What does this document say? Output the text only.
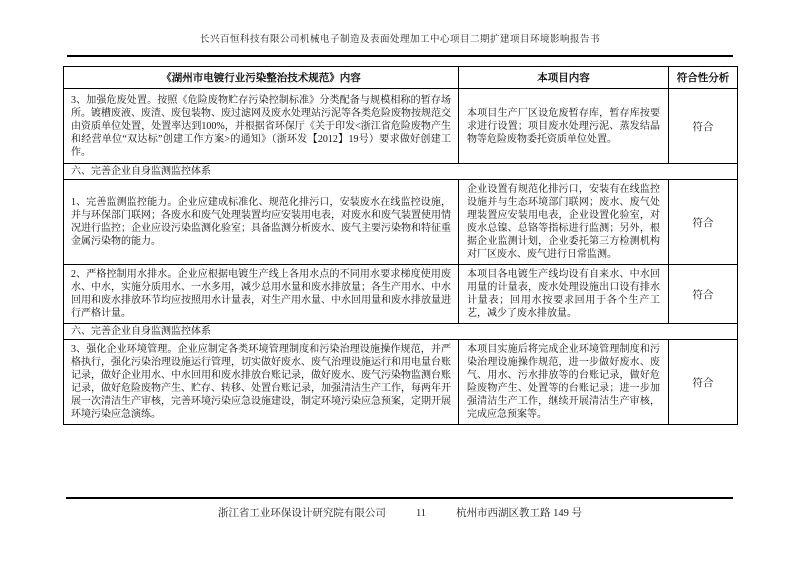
长兴百恒科技有限公司机械电子制造及表面处理加工中心项目二期扩建项目环境影响报告书
《湖州市电镀行业污染整治技术规范》内容	本项目内容	符合性分析
3、加强危废处置。按照《危险废物贮存污染控制标准》分类配备与规模相称的暂存场所。镀槽废液、废渣、废包装物、废过滤网及废水处理站污泥等各类危险废物按规范交由资质单位处置，处置率达到100%，并根据省环保厅《关于印发<浙江省危险废物产生和经营单位“双达标”创建工作方案>的通知》（浙环发【2012】19号）要求做好创建工作。	本项目生产厂区设危废暂存库，暂存库按要求进行设置；项目废水处理污泥、蒸发结晶物等危险废物委托资质单位处置。	符合
六、完善企业自身监测监控体系		
1、完善监测监控能力。企业应建成标准化、规范化排污口，安装废水在线监控设施，并与环保部门联网；各废水和废气处理装置均应安装用电表，对废水和废气装置使用情况进行监控；企业应设污染监测化验室；具备监测分析废水、废气主要污染物和特征重金属污染物的能力。	企业设置有规范化排污口，安装有在线监控设施并与生态环境部门联网；废水、废气处理装置应安装用电表，企业设置化验室，对废水总镍、总铬等指标进行监测；另外，根据企业监测计划，企业委托第三方检测机构对厂区废水、废气进行日常监测。	符合
2、严格控制用水排水。企业应根据电镀生产线上各用水点的不同用水要求梯度使用废水、中水，实施分质用水、一水多用，减少总用水量和废水排放量；各生产用水、中水回用和废水排放环节均应按照用水计量表，对生产用水量、中水回用量和废水排放量进行严格计量。	本项目各电镀生产线均设有自来水、中水回用量的计量表，废水处理设施出口设有排水计量表；回用水按要求回用于各个生产工艺，减少了废水排放量。	符合
六、完善企业自身监测监控体系		
3、强化企业环境管理。企业应制定各类环境管理制度和污染治理设施操作规范，并严格执行，强化污染治理设施运行管理，切实做好废水、废气治理设施运行和用电量台账记录，做好企业用水、中水回用和废水排放台账记录，做好废水、废气污染物监测台账记录，做好危险废物产生、贮存、转移、处置台账记录，加强清洁生产工作，每两年开展一次清洁生产审核，完善环境污染应急设施建设，制定环境污染应急预案，定期开展环境污染应急演练。	本项目实施后将完成企业环境管理制度和污染治理设施操作规范，进一步做好废水、废气、用水、污水排放等的台账记录，做好危险废物产生、处置等的台账记录；进一步加强清洁生产工作，继续开展清洁生产审核，完成应急预案等。	符合
浙江省工业环保设计研究院有限公司	11	杭州市西湖区教工路 149 号
